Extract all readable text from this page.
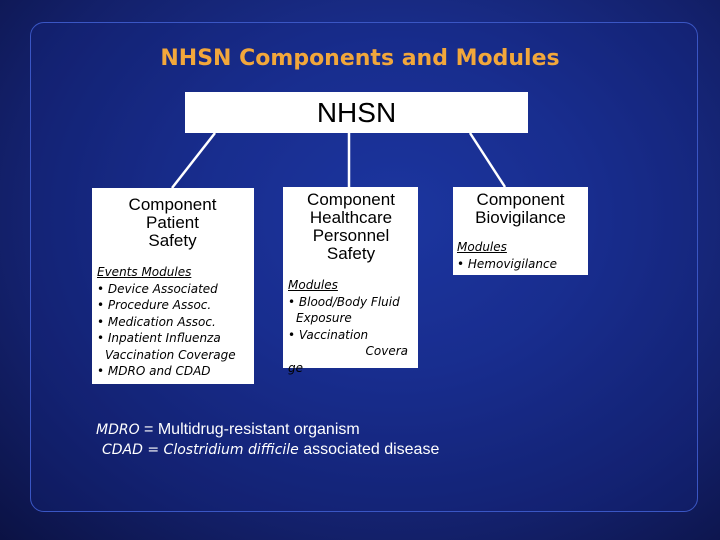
NHSN Components and Modules
NHSN
Component
Patient
Safety
Events Modules
• Device Associated
• Procedure Assoc.
• Medication Assoc.
• Inpatient Influenza
Vaccination Coverage
• MDRO and CDAD
Component
Healthcare
Personnel
Safety
Modules
• Blood/Body Fluid
Exposure
• Vaccination
Covera
ge
Component
Biovigilance
Modules
• Hemovigilance
MDRO = Multidrug-resistant organism
CDAD = Clostridium difficile associated disease
